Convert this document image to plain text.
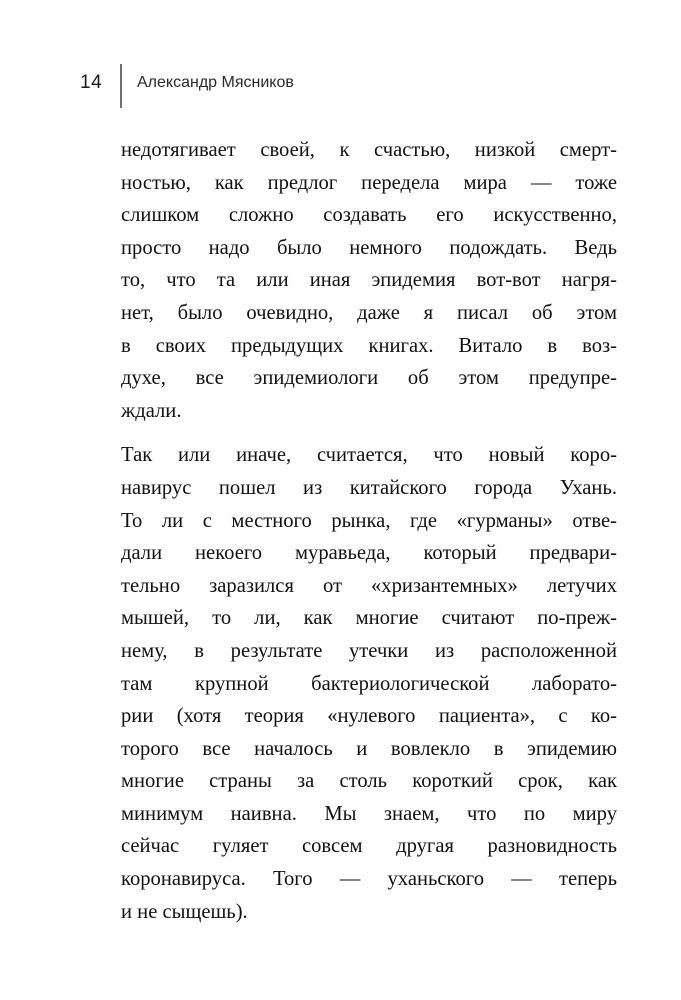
14 Александр Мясников

недотягивает своей, к счастью, низкой смерт-
ностью, как предлог передела мира — тоже
слишком сложно создавать его искусственно,
просто надо было немного подождать. Ведь
то, что та или иная эпидемия вот-вот нагря-
нет, было очевидно, даже я писал об этом
в своих предыдущих книгах. Витало в воз-
духе, все эпидемиологи об этом предупре-
ждали.

Так или иначе, считается, что новый коро-
навирус пошел из китайского города Ухань.
То ли с местного рынка, где «гурманы» отве-
дали некоего муравьеда, который предвари-
тельно заразился от «хризантемных» летучих
мышей, то ли, как многие считают по-преж-
нему, в результате утечки из расположенной
там крупной бактериологической лаборато-
рии (хотя теория «нулевого пациента», с ко-
торого все началось и вовлекло в эпидемию
многие страны за столь короткий срок, как
минимум наивна. Мы знаем, что по миру
сейчас гуляет совсем другая разновидность
коронавируса. Того — уханьского — теперь
и не сыщешь).
